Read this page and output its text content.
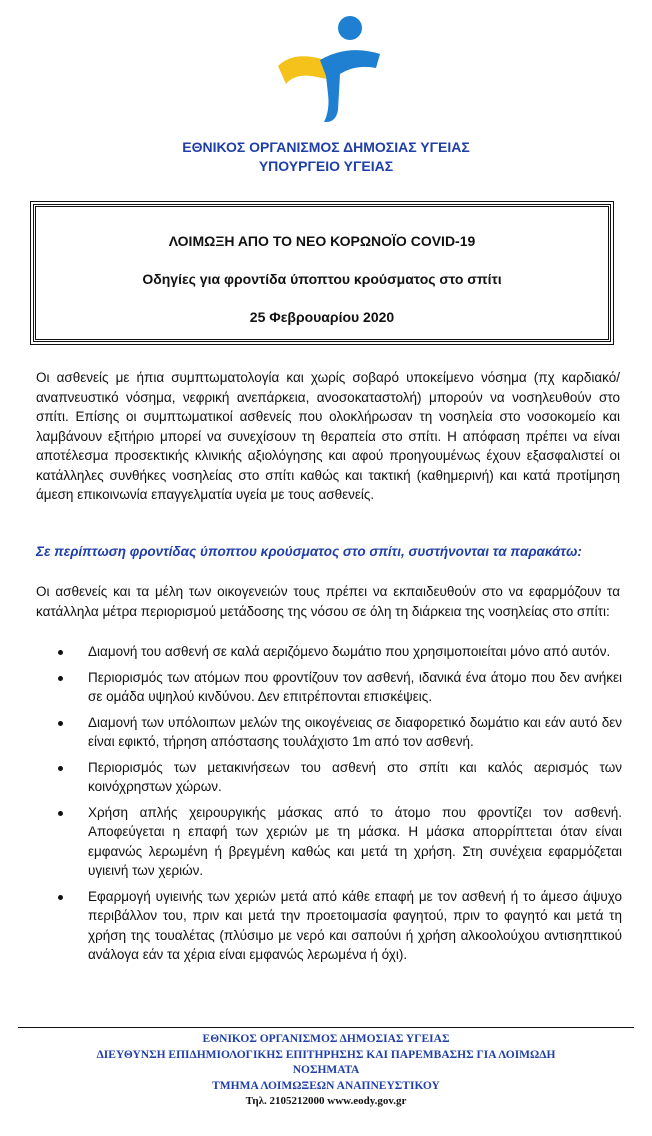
ΕΘΝΙΚΟΣ ΟΡΓΑΝΙΣΜΟΣ ΔΗΜΟΣΙΑΣ ΥΓΕΙΑΣ
ΥΠΟΥΡΓΕΙΟ ΥΓΕΙΑΣ
ΛΟΙΜΩΞΗ ΑΠΟ ΤΟ ΝΕΟ ΚΟΡΩΝΟΪΟ COVID-19
Οδηγίες για φροντίδα ύποπτου κρούσματος στο σπίτι
25 Φεβρουαρίου 2020
Οι ασθενείς με ήπια συμπτωματολογία και χωρίς σοβαρό υποκείμενο νόσημα (πχ καρδιακό/ αναπνευστικό νόσημα, νεφρική ανεπάρκεια, ανοσοκαταστολή) μπορούν να νοσηλευθούν στο σπίτι. Επίσης οι συμπτωματικοί ασθενείς που ολοκλήρωσαν τη νοσηλεία στο νοσοκομείο και λαμβάνουν εξιτήριο μπορεί να συνεχίσουν τη θεραπεία στο σπίτι. Η απόφαση πρέπει να είναι αποτέλεσμα προσεκτικής κλινικής αξιολόγησης και αφού προηγουμένως έχουν εξασφαλιστεί οι κατάλληλες συνθήκες νοσηλείας στο σπίτι καθώς και τακτική (καθημερινή) και κατά προτίμηση άμεση επικοινωνία επαγγελματία υγεία με τους ασθενείς.
Σε περίπτωση φροντίδας ύποπτου κρούσματος στο σπίτι, συστήνονται τα παρακάτω:
Οι ασθενείς και τα μέλη των οικογενειών τους πρέπει να εκπαιδευθούν στο να εφαρμόζουν τα κατάλληλα μέτρα περιορισμού μετάδοσης της νόσου σε όλη τη διάρκεια της νοσηλείας στο σπίτι:
Διαμονή του ασθενή σε καλά αεριζόμενο δωμάτιο που χρησιμοποιείται μόνο από αυτόν.
Περιορισμός των ατόμων που φροντίζουν τον ασθενή, ιδανικά ένα άτομο που δεν ανήκει σε ομάδα υψηλού κινδύνου. Δεν επιτρέπονται επισκέψεις.
Διαμονή των υπόλοιπων μελών της οικογένειας σε διαφορετικό δωμάτιο και εάν αυτό δεν είναι εφικτό, τήρηση απόστασης τουλάχιστο 1m από τον ασθενή.
Περιορισμός των μετακινήσεων του ασθενή στο σπίτι και καλός αερισμός των κοινόχρηστων χώρων.
Χρήση απλής χειρουργικής μάσκας από το άτομο που φροντίζει τον ασθενή. Αποφεύγεται η επαφή των χεριών με τη μάσκα. Η μάσκα απορρίπτεται όταν είναι εμφανώς λερωμένη ή βρεγμένη καθώς και μετά τη χρήση. Στη συνέχεια εφαρμόζεται υγιεινή των χεριών.
Εφαρμογή υγιεινής των χεριών μετά από κάθε επαφή με τον ασθενή ή το άμεσο άψυχο περιβάλλον του, πριν και μετά την προετοιμασία φαγητού, πριν το φαγητό και μετά τη χρήση της τουαλέτας (πλύσιμο με νερό και σαπούνι ή χρήση αλκοολούχου αντισηπτικού ανάλογα εάν τα χέρια είναι εμφανώς λερωμένα ή όχι).
ΕΘΝΙΚΟΣ ΟΡΓΑΝΙΣΜΟΣ ΔΗΜΟΣΙΑΣ ΥΓΕΙΑΣ
ΔΙΕΥΘΥΝΣΗ ΕΠΙΔΗΜΙΟΛΟΓΙΚΗΣ ΕΠΙΤΗΡΗΣΗΣ ΚΑΙ ΠΑΡΕΜΒΑΣΗΣ ΓΙΑ ΛΟΙΜΩΔΗ
ΝΟΣΗΜΑΤΑ
ΤΜΗΜΑ ΛΟΙΜΩΞΕΩΝ ΑΝΑΠΝΕΥΣΤΙΚΟΥ
Τηλ. 2105212000 www.eody.gov.gr
